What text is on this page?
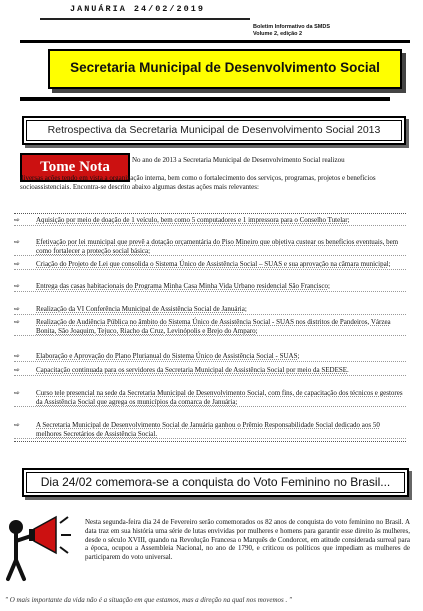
JANUÁRIA 24/02/2019
Boletim Informativo da SMDS
Volume 2, edição 2
Secretaria Municipal de Desenvolvimento Social
Retrospectiva da Secretaria Municipal de Desenvolvimento Social 2013
Tome Nota	No ano de 2013 a Secretaria Municipal de Desenvolvimento Social realizou
diversas ações tendo em vista a organização interna, bem como o fortalecimento dos serviços, programas, projetos e benefícios socioassistenciais. Encontra-se descrito abaixo algumas destas ações mais relevantes:
⇨ Aquisição por meio de doação de 1 veículo, bem como 5 computadores e 1 impressora para o Conselho Tutelar;
⇨ Efetivação por lei municipal que prevê a dotação orçamentária do Piso Mineiro que objetiva custear os benefícios eventuais, bem como fortalecer a proteção social básica;
⇨ Criação do Projeto de Lei que consolida o Sistema Único de Assistência Social – SUAS e sua aprovação na câmara municipal;
⇨ Entrega das casas habitacionais do Programa Minha Casa Minha Vida Urbano residencial São Francisco;
⇨ Realização da VI Conferência Municipal de Assistência Social de Januária;
⇨ Realização de Audiência Pública no âmbito do Sistema Único de Assistência Social - SUAS nos distritos de Pandeiros, Várzea Bonita, São Joaquim, Tejuco, Riacho da Cruz, Levinópolis e Brejo do Amparo;
⇨ Elaboração e Aprovação do Plano Plurianual do Sistema Único de Assistência Social - SUAS;
⇨ Capacitação continuada para os servidores da Secretaria Municipal de Assistência Social por meio da SEDESE.
⇨ Curso tele presencial na sede da Secretaria Municipal de Desenvolvimento Social, com fins, de capacitação dos técnicos e gestores da Assistência Social que agrega os municípios da comarca de Januária;
⇨ A Secretaria Municipal de Desenvolvimento Social de Januária ganhou o Prêmio Responsabilidade Social dedicado aos 50 melhores Secretários de Assistência Social.
Dia 24/02 comemora-se a conquista do Voto Feminino no Brasil...
Nesta segunda-feira dia 24 de Fevereiro serão comemorados os 82 anos de conquista do voto feminino no Brasil. A data traz em sua história uma série de lutas envividas por mulheres e homens para garantir esse direito às mulheres, desde o século XVIII, quando na Revolução Francesa o Marquês de Condorcet, em atitude considerada surreal para a época, ocupou a Assembleia Nacional, no ano de 1790, e criticou os políticos que impediam as mulheres de participarem do voto universal.
" O mais importante da vida não é a situação em que estamos, mas a direção na qual nos movemos . "
